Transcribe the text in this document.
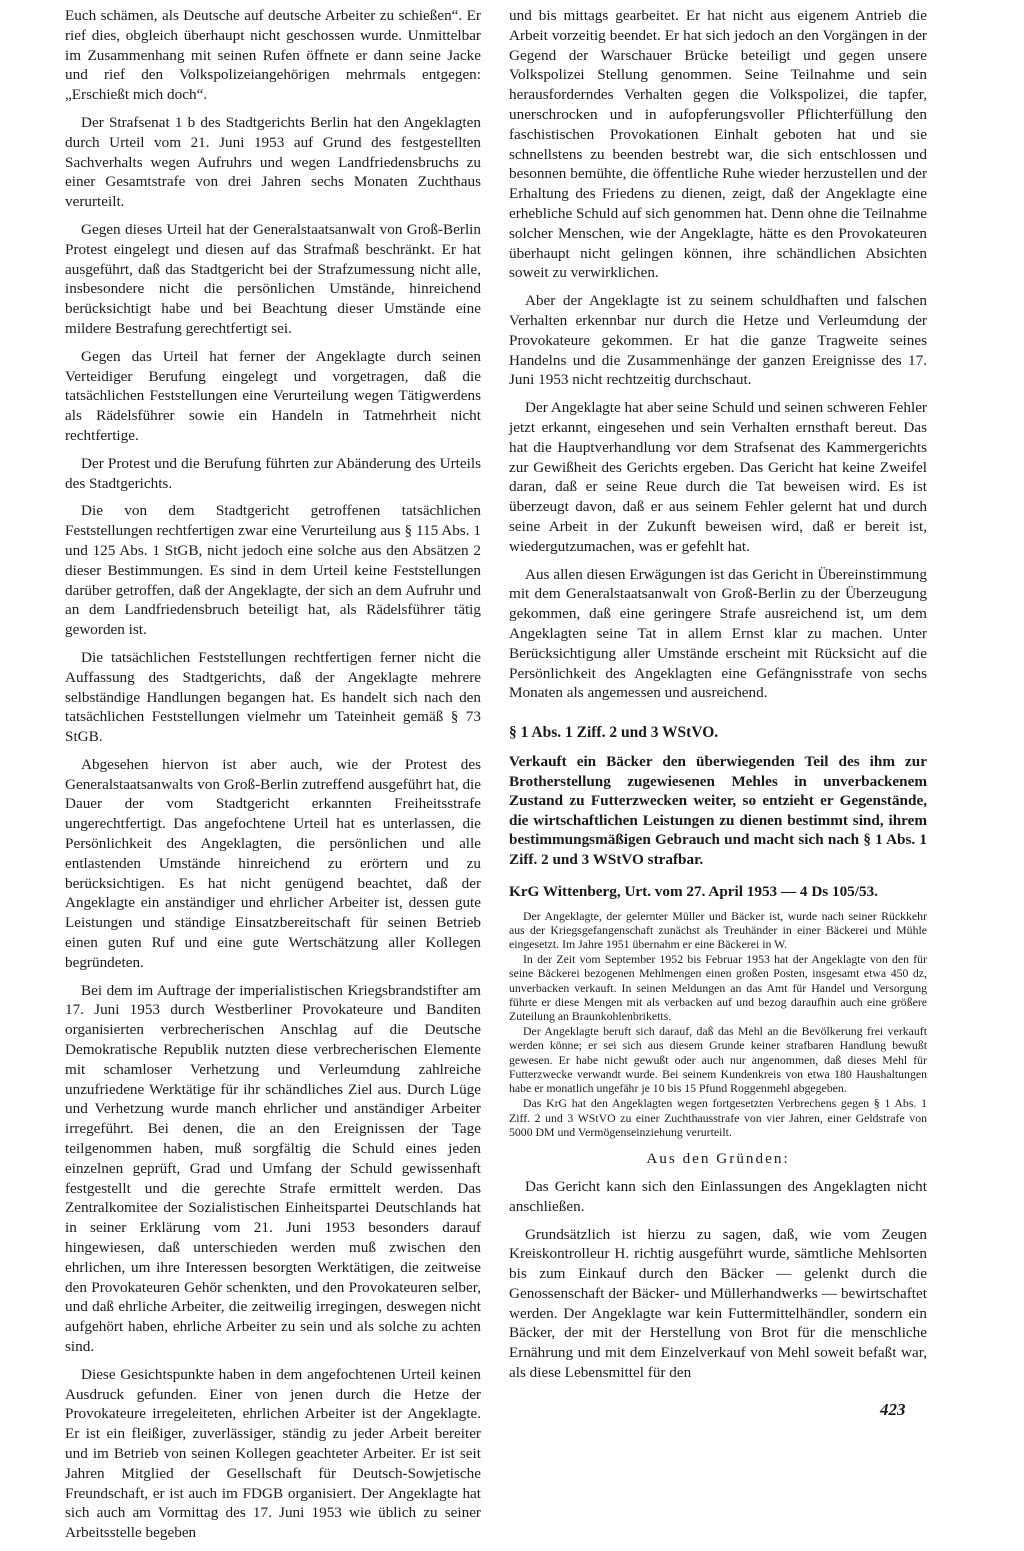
Euch schämen, als Deutsche auf deutsche Arbeiter zu schießen“. Er rief dies, obgleich überhaupt nicht geschossen wurde. Unmittelbar im Zusammenhang mit seinen Rufen öffnete er dann seine Jacke und rief den Volkspolizeiangehörigen mehrmals entgegen: „Erschießt mich doch“.

Der Strafsenat 1 b des Stadtgerichts Berlin hat den Angeklagten durch Urteil vom 21. Juni 1953 auf Grund des festgestellten Sachverhalts wegen Aufruhrs und wegen Landfriedensbruchs zu einer Gesamtstrafe von drei Jahren sechs Monaten Zuchthaus verurteilt.

Gegen dieses Urteil hat der Generalstaatsanwalt von Groß-Berlin Protest eingelegt und diesen auf das Strafmaß beschränkt. Er hat ausgeführt, daß das Stadtgericht bei der Strafzumessung nicht alle, insbesondere nicht die persönlichen Umstände, hinreichend berücksichtigt habe und bei Beachtung dieser Umstände eine mildere Bestrafung gerechtfertigt sei.

Gegen das Urteil hat ferner der Angeklagte durch seinen Verteidiger Berufung eingelegt und vorgetragen, daß die tatsächlichen Feststellungen eine Verurteilung wegen Tätigwerdens als Rädelsführer sowie ein Handeln in Tatmehrheit nicht rechtfertige.

Der Protest und die Berufung führten zur Abänderung des Urteils des Stadtgerichts.

Die von dem Stadtgericht getroffenen tatsächlichen Feststellungen rechtfertigen zwar eine Verurteilung aus § 115 Abs. 1 und 125 Abs. 1 StGB, nicht jedoch eine solche aus den Absätzen 2 dieser Bestimmungen. Es sind in dem Urteil keine Feststellungen darüber getroffen, daß der Angeklagte, der sich an dem Aufruhr und an dem Landfriedensbruch beteiligt hat, als Rädelsführer tätig geworden ist.

Die tatsächlichen Feststellungen rechtfertigen ferner nicht die Auffassung des Stadtgerichts, daß der Angeklagte mehrere selbständige Handlungen begangen hat. Es handelt sich nach den tatsächlichen Feststellungen vielmehr um Tateinheit gemäß § 73 StGB.

Abgesehen hiervon ist aber auch, wie der Protest des Generalstaatsanwalts von Groß-Berlin zutreffend ausgeführt hat, die Dauer der vom Stadtgericht erkannten Freiheitsstrafe ungerechtfertigt. Das angefochtene Urteil hat es unterlassen, die Persönlichkeit des Angeklagten, die persönlichen und alle entlastenden Umstände hinreichend zu erörtern und zu berücksichtigen. Es hat nicht genügend beachtet, daß der Angeklagte ein anständiger und ehrlicher Arbeiter ist, dessen gute Leistungen und ständige Einsatzbereitschaft für seinen Betrieb einen guten Ruf und eine gute Wertschätzung aller Kollegen begründeten.

Bei dem im Auftrage der imperialistischen Kriegsbrandstifter am 17. Juni 1953 durch Westberliner Provokateure und Banditen organisierten verbrecherischen Anschlag auf die Deutsche Demokratische Republik nutzten diese verbrecherischen Elemente mit schamloser Verhetzung und Verleumdung zahlreiche unzufriedene Werktätige für ihr schändliches Ziel aus. Durch Lüge und Verhetzung wurde manch ehrlicher und anständiger Arbeiter irregeführt. Bei denen, die an den Ereignissen der Tage teilgenommen haben, muß sorgfältig die Schuld eines jeden einzelnen geprüft, Grad und Umfang der Schuld gewissenhaft festgestellt und die gerechte Strafe ermittelt werden. Das Zentralkomitee der Sozialistischen Einheitspartei Deutschlands hat in seiner Erklärung vom 21. Juni 1953 besonders darauf hingewiesen, daß unterschieden werden muß zwischen den ehrlichen, um ihre Interessen besorgten Werktätigen, die zeitweise den Provokateuren Gehör schenkten, und den Provokateuren selber, und daß ehrliche Arbeiter, die zeitweilig irregingen, deswegen nicht aufgehört haben, ehrliche Arbeiter zu sein und als solche zu achten sind.

Diese Gesichtspunkte haben in dem angefochtenen Urteil keinen Ausdruck gefunden. Einer von jenen durch die Hetze der Provokateure irregeleiteten, ehrlichen Arbeiter ist der Angeklagte. Er ist ein fleißiger, zuverlässiger, ständig zu jeder Arbeit bereiter und im Betrieb von seinen Kollegen geachteter Arbeiter. Er ist seit Jahren Mitglied der Gesellschaft für Deutsch-Sowjetische Freundschaft, er ist auch im FDGB organisiert. Der Angeklagte hat sich auch am Vormittag des 17. Juni 1953 wie üblich zu seiner Arbeitsstelle begeben

und bis mittags gearbeitet. Er hat nicht aus eigenem Antrieb die Arbeit vorzeitig beendet. Er hat sich jedoch an den Vorgängen in der Gegend der Warschauer Brücke beteiligt und gegen unsere Volkspolizei Stellung genommen. Seine Teilnahme und sein herausforderndes Verhalten gegen die Volkspolizei, die tapfer, unerschrocken und in aufopferungsvoller Pflichterfüllung den faschistischen Provokationen Einhalt geboten hat und sie schnellstens zu beenden bestrebt war, die sich entschlossen und besonnen bemühte, die öffentliche Ruhe wieder herzustellen und der Erhaltung des Friedens zu dienen, zeigt, daß der Angeklagte eine erhebliche Schuld auf sich genommen hat. Denn ohne die Teilnahme solcher Menschen, wie der Angeklagte, hätte es den Provokateuren überhaupt nicht gelingen können, ihre schändlichen Absichten soweit zu verwirklichen.

Aber der Angeklagte ist zu seinem schuldhaften und falschen Verhalten erkennbar nur durch die Hetze und Verleumdung der Provokateure gekommen. Er hat die ganze Tragweite seines Handelns und die Zusammenhänge der ganzen Ereignisse des 17. Juni 1953 nicht rechtzeitig durchschaut.

Der Angeklagte hat aber seine Schuld und seinen schweren Fehler jetzt erkannt, eingesehen und sein Verhalten ernsthaft bereut. Das hat die Hauptverhandlung vor dem Strafsenat des Kammergerichts zur Gewißheit des Gerichts ergeben. Das Gericht hat keine Zweifel daran, daß er seine Reue durch die Tat beweisen wird. Es ist überzeugt davon, daß er aus seinem Fehler gelernt hat und durch seine Arbeit in der Zukunft beweisen wird, daß er bereit ist, wiedergutzumachen, was er gefehlt hat.

Aus allen diesen Erwägungen ist das Gericht in Übereinstimmung mit dem Generalstaatsanwalt von Groß-Berlin zu der Überzeugung gekommen, daß eine geringere Strafe ausreichend ist, um dem Angeklagten seine Tat in allem Ernst klar zu machen. Unter Berücksichtigung aller Umstände erscheint mit Rücksicht auf die Persönlichkeit des Angeklagten eine Gefängnisstrafe von sechs Monaten als angemessen und ausreichend.

§ 1 Abs. 1 Ziff. 2 und 3 WStVO.
Verkauft ein Bäcker den überwiegenden Teil des ihm zur Brotherstellung zugewiesenen Mehles in unverbackenem Zustand zu Futterzwecken weiter, so entzieht er Gegenstände, die wirtschaftlichen Leistungen zu dienen bestimmt sind, ihrem bestimmungsmäßigen Gebrauch und macht sich nach § 1 Abs. 1 Ziff. 2 und 3 WStVO strafbar.
KrG Wittenberg, Urt. vom 27. April 1953 — 4 Ds 105/53.

Der Angeklagte, der gelernter Müller und Bäcker ist, wurde nach seiner Rückkehr aus der Kriegsgefangenschaft zunächst als Treuhänder in einer Bäckerei und Mühle eingesetzt. Im Jahre 1951 übernahm er eine Bäckerei in W.

In der Zeit vom September 1952 bis Februar 1953 hat der Angeklagte von den für seine Bäckerei bezogenen Mehlmengen einen großen Posten, insgesamt etwa 450 dz, unverbacken verkauft. In seinen Meldungen an das Amt für Handel und Versorgung führte er diese Mengen mit als verbacken auf und bezog daraufhin auch eine größere Zuteilung an Braunkohlenbriketts.

Der Angeklagte beruft sich darauf, daß das Mehl an die Bevölkerung frei verkauft werden könne; er sei sich aus diesem Grunde keiner strafbaren Handlung bewußt gewesen. Er habe nicht gewußt oder auch nur angenommen, daß dieses Mehl für Futterzwecke verwandt wurde. Bei seinem Kundenkreis von etwa 180 Haushaltungen habe er monatlich ungefähr je 10 bis 15 Pfund Roggenmehl abgegeben.

Das KrG hat den Angeklagten wegen fortgesetzten Verbrechens gegen § 1 Abs. 1 Ziff. 2 und 3 WStVO zu einer Zuchthausstrafe von vier Jahren, einer Geldstrafe von 5000 DM und Vermögenseinziehung verurteilt.

Aus den Gründen:

Das Gericht kann sich den Einlassungen des Angeklagten nicht anschließen.

Grundsätzlich ist hierzu zu sagen, daß, wie vom Zeugen Kreiskontrolleur H. richtig ausgeführt wurde, sämtliche Mehlsorten bis zum Einkauf durch den Bäcker — gelenkt durch die Genossenschaft der Bäcker- und Müllerhandwerks — bewirtschaftet werden. Der Angeklagte war kein Futtermittelhändler, sondern ein Bäcker, der mit der Herstellung von Brot für die menschliche Ernährung und mit dem Einzelverkauf von Mehl soweit befaßt war, als diese Lebensmittel für den

423
